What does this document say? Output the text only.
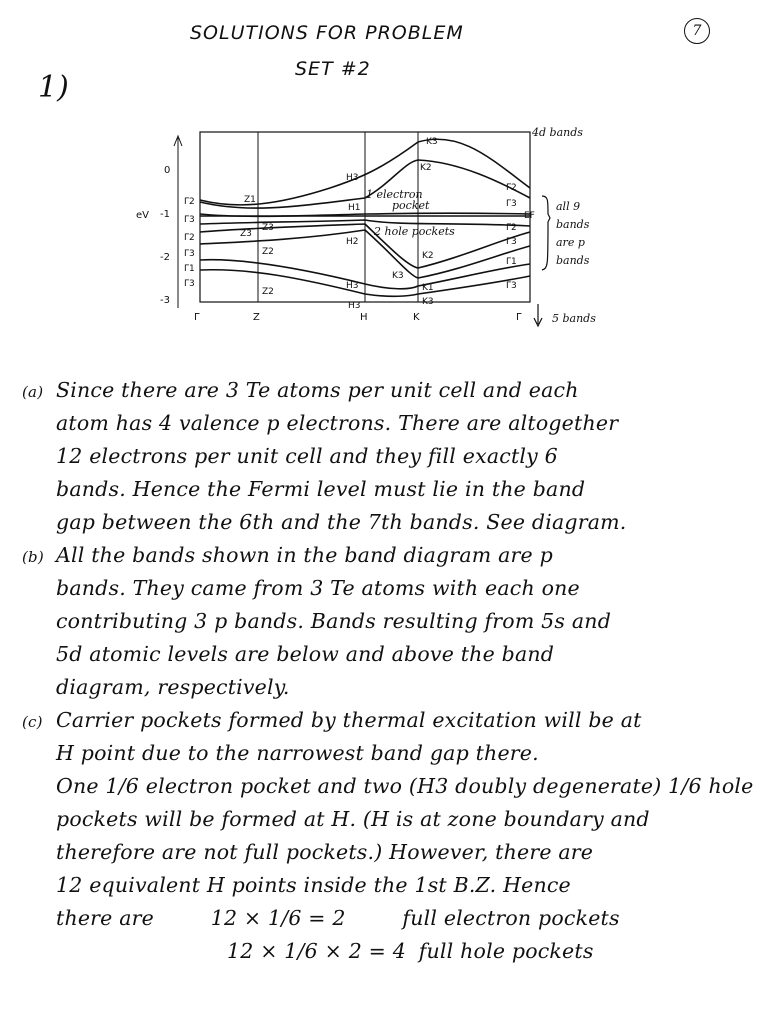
SOLUTIONS FOR PROBLEM
SET #2
7
1)
0
-1
-2
-3
eV
Γ	Z	H	K	Γ
Γ2
Γ3
Γ2
Γ3
Γ1
Γ3
Γ2
Γ3
Γ2
Γ3
Γ1
Γ3
Z1
Z3
Z3
Z2
Z2
H3
H1
H2
H3
H3
K3
K2
K2
K3
K1
K3
1 electron
pocket
2 hole pockets
4d bands
5 bands
EF
all 9
bands
are p
bands
(a) Since there are 3 Te atoms per unit cell and each
atom has 4 valence p electrons. There are altogether
12 electrons per unit cell and they fill exactly 6
bands. Hence the Fermi level must lie in the band
gap between the 6th and the 7th bands. See diagram.
(b) All the bands shown in the band diagram are p
bands. They came from 3 Te atoms with each one
contributing 3 p bands. Bands resulting from 5s and
5d atomic levels are below and above the band
diagram, respectively.
(c) Carrier pockets formed by thermal excitation will be at
H point due to the narrowest band gap there.
One 1/6 electron pocket and two (H3 doubly degenerate) 1/6 hole
pockets will be formed at H. (H is at zone boundary and
therefore are not full pockets.) However, there are
12 equivalent H points inside the 1st B.Z. Hence
there are	12 × 1/6 = 2	full electron pockets
12 × 1/6 × 2 = 4 full hole pockets
